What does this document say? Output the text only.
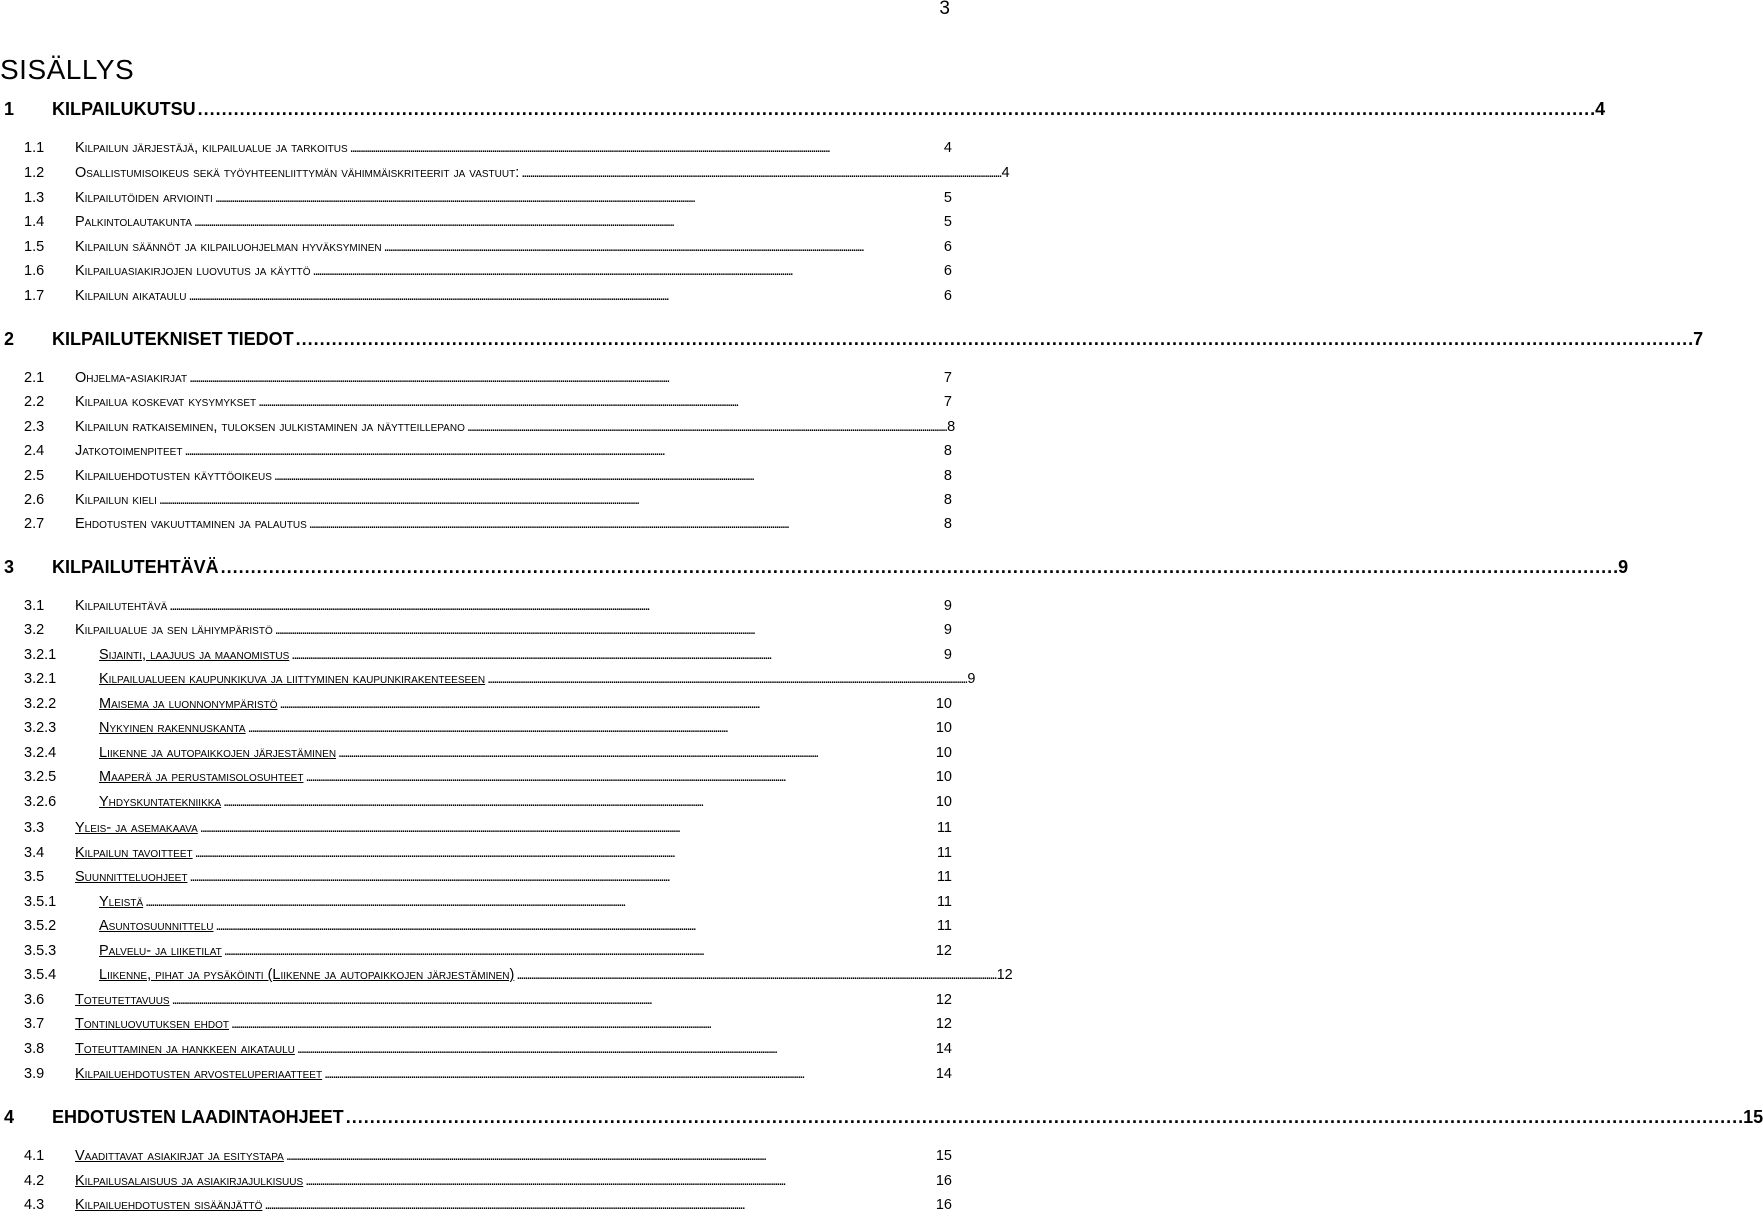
3
SISÄLLYS
1	KILPAILUKUTSU . . .	4
1.1	Kilpailun järjestäjä, kilpailualue ja tarkoitus . . .	4
1.2	Osallistumisoikeus sekä työyhteenliittymän vähimmäiskriteerit ja vastuut: . . .	4
1.3	Kilpailutöiden arviointi . . .	5
1.4	Palkintolautakunta . . .	5
1.5	Kilpailun säännöt ja kilpailuohjelman hyväksyminen . . .	6
1.6	Kilpailuasiakirjojen luovutus ja käyttö . . .	6
1.7	Kilpailun aikataulu . . .	6
2	KILPAILUTEKNISET TIEDOT . . .	7
2.1	Ohjelma-asiakirjat . . .	7
2.2	Kilpailua koskevat kysymykset . . .	7
2.3	Kilpailun ratkaiseminen, tuloksen julkistaminen ja näytteillepano . . .	8
2.4	Jatkotoimenpiteet . . .	8
2.5	Kilpailuehdotusten käyttöoikeus . . .	8
2.6	Kilpailun kieli . . .	8
2.7	Ehdotusten vakuuttaminen ja palautus . . .	8
3	KILPAILUTEHTÄVÄ . . .	9
3.1	Kilpailutehtävä . . .	9
3.2	Kilpailualue ja sen lähiympäristö . . .	9
3.2.1	Sijainti, laajuus ja maanomistus . . .	9
3.2.1	Kilpailualueen kaupunkikuva ja liittyminen kaupunkirakenteeseen . . .	9
3.2.2	Maisema ja luonnonympäristö . . .	10
3.2.3	Nykyinen rakennuskanta . . .	10
3.2.4	Liikenne ja autopaikkojen järjestäminen . . .	10
3.2.5	Maaperä ja perustamisolosuhteet . . .	10
3.2.6	Yhdyskuntatekniikka . . .	10
3.3	Yleis- ja asemakaava . . .	11
3.4	Kilpailun tavoitteet . . .	11
3.5	Suunnitteluohjeet . . .	11
3.5.1	Yleistä . . .	11
3.5.2	Asuntosuunnittelu . . .	11
3.5.3	Palvelu- ja liiketilat . . .	12
3.5.4	Liikenne, pihat ja pysäköinti (Liikenne ja autopaikkojen järjestäminen) . . .	12
3.6	Toteutettavuus . . .	12
3.7	Tontinluovutuksen ehdot . . .	12
3.8	Toteuttaminen ja hankkeen aikataulu . . .	14
3.9	Kilpailuehdotusten arvosteluperiaatteet . . .	14
4	EHDOTUSTEN LAADINTAOHJEET . . .	15
4.1	Vaadittavat asiakirjat ja esitystapa . . .	15
4.2	Kilpailusalaisuus ja asiakirjajulkisuus . . .	16
4.3	Kilpailuehdotusten sisäänjättö . . .	16
